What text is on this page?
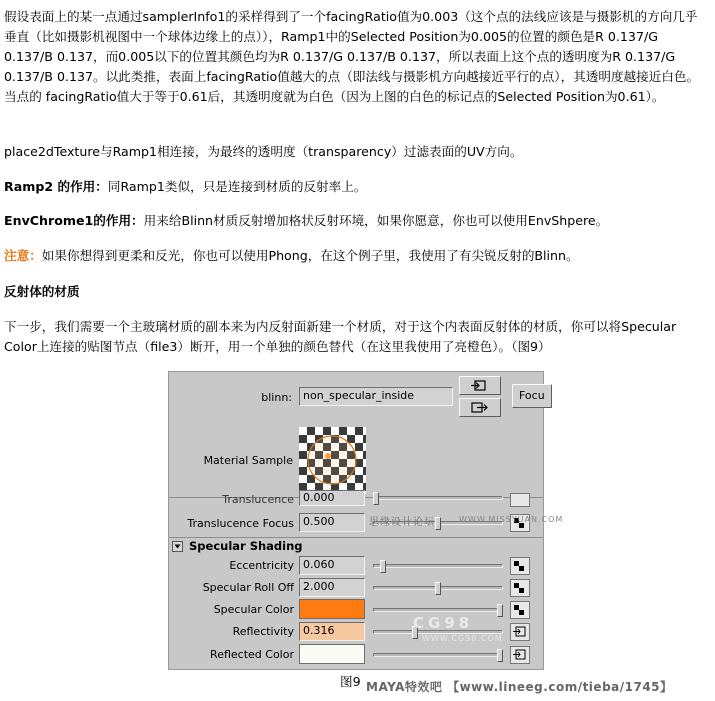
假设表面上的某一点通过samplerInfo1的采样得到了一个facingRatio值为0.003（这个点的法线应该是与摄影机的方向几乎垂直（比如摄影机视图中一个球体边缘上的点）），Ramp1中的Selected Position为0.005的位置的颜色是R 0.137/G 0.137/B 0.137，而0.005以下的位置其颜色均为R 0.137/G 0.137/B 0.137，所以表面上这个点的透明度为R 0.137/G 0.137/B 0.137。以此类推，表面上facingRatio值越大的点（即法线与摄影机方向越接近平行的点），其透明度越接近白色。当点的 facingRatio值大于等于0.61后，其透明度就为白色（因为上图的白色的标记点的Selected Position为0.61）。

place2dTexture与Ramp1相连接，为最终的透明度（transparency）过滤表面的UV方向。

Ramp2 的作用：同Ramp1类似，只是连接到材质的反射率上。

EnvChrome1的作用：用来给Blinn材质反射增加格状反射环境，如果你愿意，你也可以使用EnvShpere。

注意：如果你想得到更柔和反光，你也可以使用Phong，在这个例子里，我使用了有尖锐反射的Blinn。

反射体的材质

下一步，我们需要一个主玻璃材质的副本来为内反射面新建一个材质，对于这个内表面反射体的材质，你可以将Specular Color上连接的贴图节点（file3）断开，用一个单独的颜色替代（在这里我使用了亮橙色）。（图9）

blinn:	non_specular_inside	Focu
Material Sample
Translucence 0.000
Translucence Focus 0.500
Specular Shading
Eccentricity 0.060
Specular Roll Off 2.000
Specular Color
Reflectivity 0.316
Reflected Color
思缘设计论坛	WWW.MISSYUAN.COM
CG98
WWW.CG98.COM
图9 MAYA特效吧 【www.lineeg.com/tieba/1745】
